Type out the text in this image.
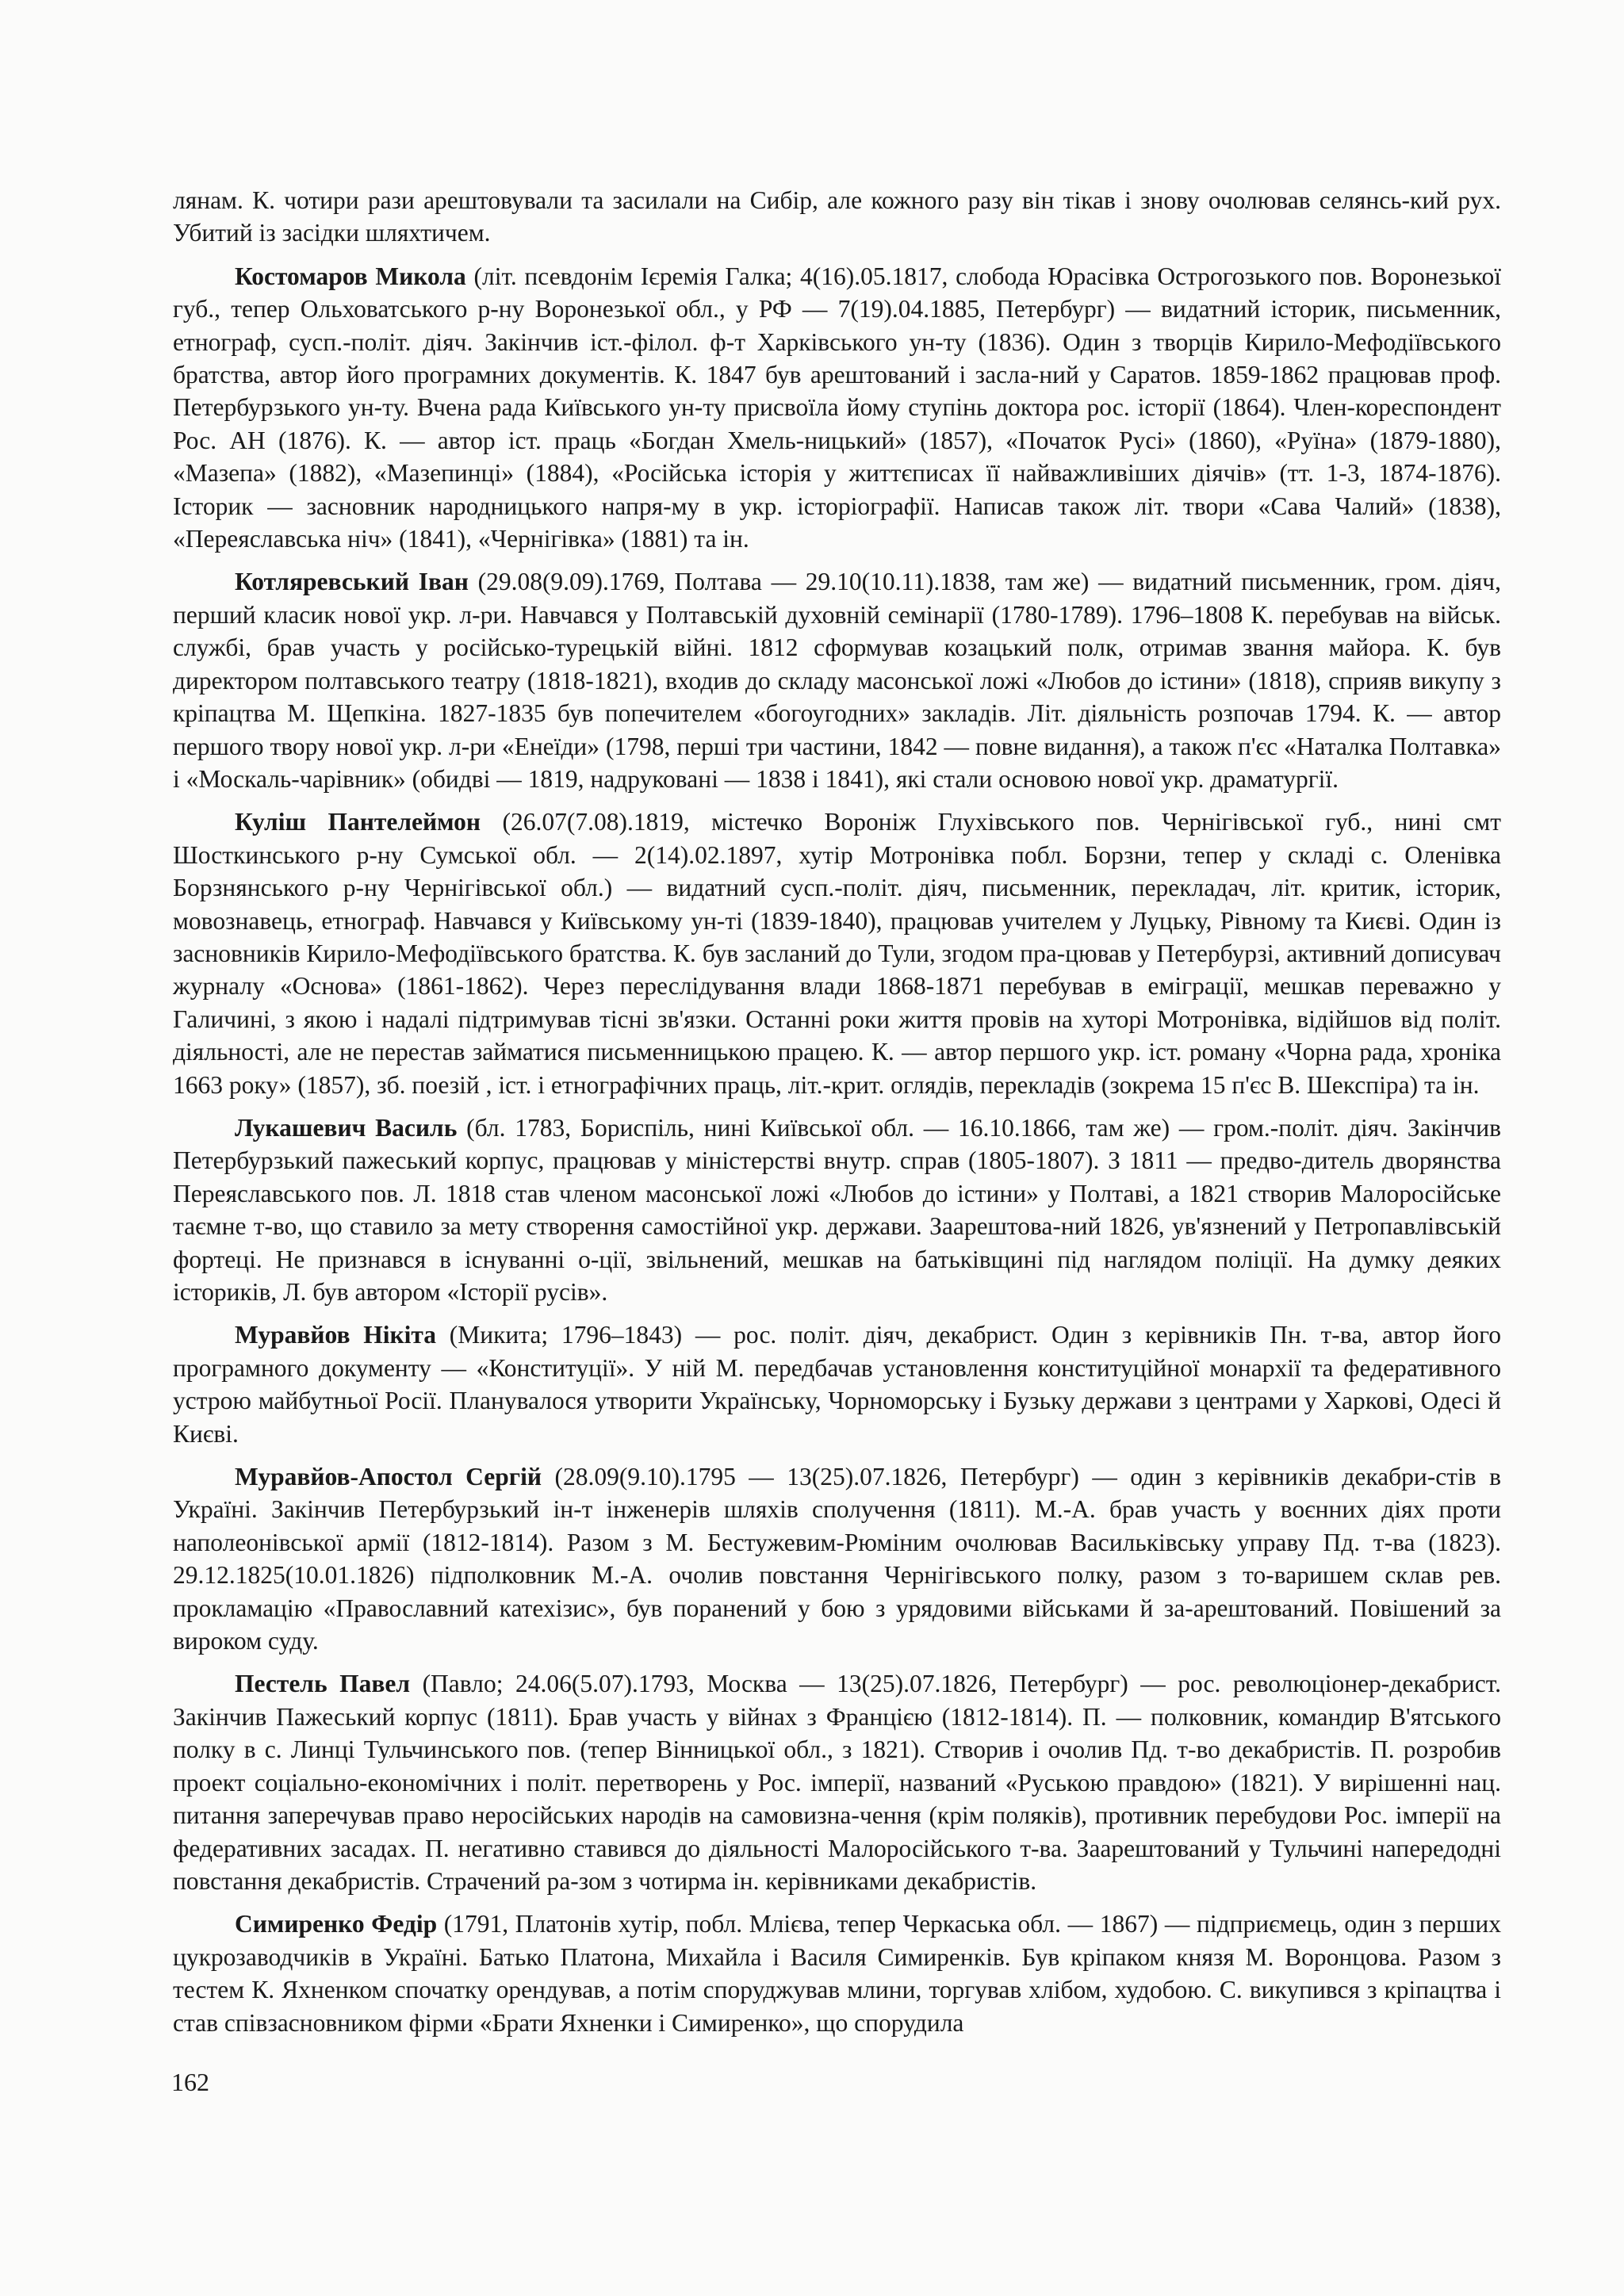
лянам. К. чотири рази арештовували та засилали на Сибір, але кожного разу він тікав і знову очолював селянсь-кий рух. Убитий із засідки шляхтичем.

Костомаров Микола (літ. псевдонім Ієремія Галка; 4(16).05.1817, слобода Юрасівка Острогозького пов. Воронезької губ., тепер Ольховатського р-ну Воронезької обл., у РФ — 7(19).04.1885, Петербург) — видатний історик, письменник, етнограф, сусп.-політ. діяч. Закінчив іст.-філол. ф-т Харківського ун-ту (1836). Один з творців Кирило-Мефодіївського братства, автор його програмних документів. К. 1847 був арештований і засла-ний у Саратов. 1859-1862 працював проф. Петербурзького ун-ту. Вчена рада Київського ун-ту присвоїла йому ступінь доктора рос. історії (1864). Член-кореспондент Рос. АН (1876). К. — автор іст. праць «Богдан Хмель-ницький» (1857), «Початок Русі» (1860), «Руїна» (1879-1880), «Мазепа» (1882), «Мазепинці» (1884), «Російська історія у життєписах її найважливіших діячів» (тт. 1-3, 1874-1876). Історик — засновник народницького напря-му в укр. історіографії. Написав також літ. твори «Сава Чалий» (1838), «Переяславська ніч» (1841), «Чернігівка» (1881) та ін.

Котляревський Іван (29.08(9.09).1769, Полтава — 29.10(10.11).1838, там же) — видатний письменник, гром. діяч, перший класик нової укр. л-ри. Навчався у Полтавській духовній семінарії (1780-1789). 1796–1808 К. перебував на військ. службі, брав участь у російсько-турецькій війні. 1812 сформував козацький полк, отримав звання майора. К. був директором полтавського театру (1818-1821), входив до складу масонської ложі «Любов до істини» (1818), сприяв викупу з кріпацтва М. Щепкіна. 1827-1835 був попечителем «богоугодних» закладів. Літ. діяльність розпочав 1794. К. — автор першого твору нової укр. л-ри «Енеїди» (1798, перші три частини, 1842 — повне видання), а також п'єс «Наталка Полтавка» і «Москаль-чарівник» (обидві — 1819, надруковані — 1838 і 1841), які стали основою нової укр. драматургії.

Куліш Пантелеймон (26.07(7.08).1819, містечко Воронiж Глухівського пов. Чернігівської губ., нині смт Шосткинського р-ну Сумської обл. — 2(14).02.1897, хутір Мотронівка побл. Борзни, тепер у складі с. Оленівка Борзнянського р-ну Чернігівської обл.) — видатний сусп.-політ. діяч, письменник, перекладач, літ. критик, історик, мовознавець, етнограф. Навчався у Київському ун-ті (1839-1840), працював учителем у Луцьку, Рівному та Києві. Один із засновників Кирило-Мефодіївського братства. К. був засланий до Тули, згодом пра-цював у Петербурзі, активний дописувач журналу «Основа» (1861-1862). Через переслідування влади 1868-1871 перебував в еміграції, мешкав переважно у Галичині, з якою і надалі підтримував тісні зв'язки. Останні роки життя провів на хуторі Мотронівка, відійшов від політ. діяльності, але не перестав займатися письменницькою працею. К. — автор першого укр. іст. роману «Чорна рада, хроніка 1663 року» (1857), зб. поезій , іст. і етнографічних праць, літ.-крит. оглядів, перекладів (зокрема 15 п'єс В. Шекспіра) та ін.

Лукашевич Василь (бл. 1783, Бориспіль, нині Київської обл. — 16.10.1866, там же) — гром.-політ. діяч. Закінчив Петербурзький пажеський корпус, працював у міністерстві внутр. справ (1805-1807). З 1811 — предво-дитель дворянства Переяславського пов. Л. 1818 став членом масонської ложі «Любов до істини» у Полтаві, а 1821 створив Малоросійське таємне т-во, що ставило за мету створення самостійної укр. держави. Заарештова-ний 1826, ув'язнений у Петропавлівській фортеці. Не признався в існуванні о-ції, звільнений, мешкав на батьківщині під наглядом поліції. На думку деяких істориків, Л. був автором «Історії русів».

Муравйов Нікіта (Микита; 1796–1843) — рос. політ. діяч, декабрист. Один з керівників Пн. т-ва, автор його програмного документу — «Конституції». У ній М. передбачав установлення конституційної монархії та федеративного устрою майбутньої Росії. Планувалося утворити Українську, Чорноморську і Бузьку держави з центрами у Харкові, Одесі й Києві.

Муравйов-Апостол Сергій (28.09(9.10).1795 — 13(25).07.1826, Петербург) — один з керівників декабри-стів в Україні. Закінчив Петербурзький ін-т інженерів шляхів сполучення (1811). М.-А. брав участь у воєнних діях проти наполеонівської армії (1812-1814). Разом з М. Бестужевим-Рюміним очолював Васильківську управу Пд. т-ва (1823). 29.12.1825(10.01.1826) підполковник М.-А. очолив повстання Чернігівського полку, разом з то-варишем склав рев. прокламацію «Православний катехізис», був поранений у бою з урядовими військами й за-арештований. Повішений за вироком суду.

Пестель Павел (Павло; 24.06(5.07).1793, Москва — 13(25).07.1826, Петербург) — рос. революціонер-декабрист. Закінчив Пажеський корпус (1811). Брав участь у війнах з Францією (1812-1814). П. — полковник, командир В'ятського полку в с. Линці Тульчинського пов. (тепер Вінницької обл., з 1821). Створив і очолив Пд. т-во декабристів. П. розробив проект соціально-економічних і політ. перетворень у Рос. імперії, названий «Руською правдою» (1821). У вирішенні нац. питання заперечував право неросійських народів на самовизна-чення (крім поляків), противник перебудови Рос. імперії на федеративних засадах. П. негативно ставився до діяльності Малоросійського т-ва. Заарештований у Тульчині напередодні повстання декабристів. Страчений ра-зом з чотирма ін. керівниками декабристів.

Симиренко Федір (1791, Платонів хутір, побл. Млієва, тепер Черкаська обл. — 1867) — підприємець, один з перших цукрозаводчиків в Україні. Батько Платона, Михайла і Василя Симиренків. Був кріпаком князя М. Воронцова. Разом з тестем К. Яхненком спочатку орендував, а потім споруджував млини, торгував хлібом, худобою. С. викупився з кріпацтва і став співзасновником фірми «Брати Яхненки і Симиренко», що спорудила

162
